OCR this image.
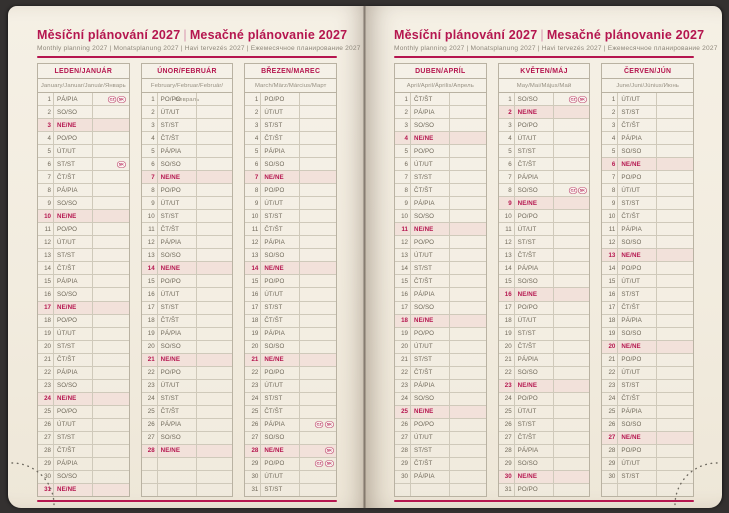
Měsíční plánování 2027 | Mesačné plánovanie 2027
Monthly planning 2027 | Monatsplanung 2027 | Havi tervezés 2027 | Ежемесячное планирование 2027
LEDEN/JANUÁR
January/Januar/Január/Январь
1 PÁ/PIA	CZ SK
2 SO/SO
3 NE/NE
4 PO/PO
5 ÚT/UT
6 ST/ST	SK
7 ČT/ŠT
8 PÁ/PIA
9 SO/SO
10 NE/NE
11 PO/PO
12 ÚT/UT
13 ST/ST
14 ČT/ŠT
15 PÁ/PIA
16 SO/SO
17 NE/NE
18 PO/PO
19 ÚT/UT
20 ST/ST
21 ČT/ŠT
22 PÁ/PIA
23 SO/SO
24 NE/NE
25 PO/PO
26 ÚT/UT
27 ST/ST
28 ČT/ŠT
29 PÁ/PIA
30 SO/SO
31 NE/NE
ÚNOR/FEBRUÁR
February/Februar/Február/Февраль
1 PO/PO
2 ÚT/UT
3 ST/ST
4 ČT/ŠT
5 PÁ/PIA
6 SO/SO
7 NE/NE
8 PO/PO
9 ÚT/UT
10 ST/ST
11 ČT/ŠT
12 PÁ/PIA
13 SO/SO
14 NE/NE
15 PO/PO
16 ÚT/UT
17 ST/ST
18 ČT/ŠT
19 PÁ/PIA
20 SO/SO
21 NE/NE
22 PO/PO
23 ÚT/UT
24 ST/ST
25 ČT/ŠT
26 PÁ/PIA
27 SO/SO
28 NE/NE
BŘEZEN/MAREC
March/März/Március/Март
1 PO/PO
2 ÚT/UT
3 ST/ST
4 ČT/ŠT
5 PÁ/PIA
6 SO/SO
7 NE/NE
8 PO/PO
9 ÚT/UT
10 ST/ST
11 ČT/ŠT
12 PÁ/PIA
13 SO/SO
14 NE/NE
15 PO/PO
16 ÚT/UT
17 ST/ST
18 ČT/ŠT
19 PÁ/PIA
20 SO/SO
21 NE/NE
22 PO/PO
23 ÚT/UT
24 ST/ST
25 ČT/ŠT
26 PÁ/PIA	CZ SK
27 SO/SO
28 NE/NE	SK
29 PO/PO	CZ SK
30 ÚT/UT
31 ST/ST
Měsíční plánování 2027 | Mesačné plánovanie 2027
Monthly planning 2027 | Monatsplanung 2027 | Havi tervezés 2027 | Ежемесячное планирование 2027
DUBEN/APRÍL
April/April/Április/Апрель
1 ČT/ŠT
2 PÁ/PIA
3 SO/SO
4 NE/NE
5 PO/PO
6 ÚT/UT
7 ST/ST
8 ČT/ŠT
9 PÁ/PIA
10 SO/SO
11 NE/NE
12 PO/PO
13 ÚT/UT
14 ST/ST
15 ČT/ŠT
16 PÁ/PIA
17 SO/SO
18 NE/NE
19 PO/PO
20 ÚT/UT
21 ST/ST
22 ČT/ŠT
23 PÁ/PIA
24 SO/SO
25 NE/NE
26 PO/PO
27 ÚT/UT
28 ST/ST
29 ČT/ŠT
30 PÁ/PIA
KVĚTEN/MÁJ
May/Mai/Május/Май
1 SO/SO	CZ SK
2 NE/NE
3 PO/PO
4 ÚT/UT
5 ST/ST
6 ČT/ŠT
7 PÁ/PIA
8 SO/SO	CZ SK
9 NE/NE
10 PO/PO
11 ÚT/UT
12 ST/ST
13 ČT/ŠT
14 PÁ/PIA
15 SO/SO
16 NE/NE
17 PO/PO
18 ÚT/UT
19 ST/ST
20 ČT/ŠT
21 PÁ/PIA
22 SO/SO
23 NE/NE
24 PO/PO
25 ÚT/UT
26 ST/ST
27 ČT/ŠT
28 PÁ/PIA
29 SO/SO
30 NE/NE
31 PO/PO
ČERVEN/JÚN
June/Juni/Június/Июнь
1 ÚT/UT
2 ST/ST
3 ČT/ŠT
4 PÁ/PIA
5 SO/SO
6 NE/NE
7 PO/PO
8 ÚT/UT
9 ST/ST
10 ČT/ŠT
11 PÁ/PIA
12 SO/SO
13 NE/NE
14 PO/PO
15 ÚT/UT
16 ST/ST
17 ČT/ŠT
18 PÁ/PIA
19 SO/SO
20 NE/NE
21 PO/PO
22 ÚT/UT
23 ST/ST
24 ČT/ŠT
25 PÁ/PIA
26 SO/SO
27 NE/NE
28 PO/PO
29 ÚT/UT
30 ST/ST
